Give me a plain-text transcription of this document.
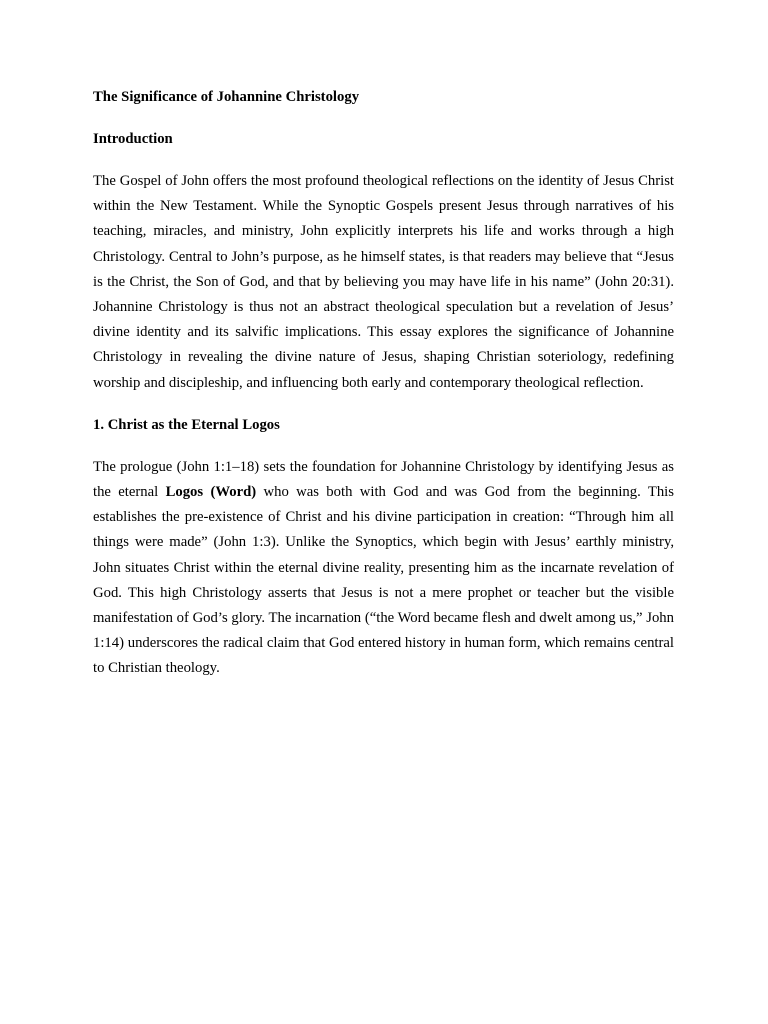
The Significance of Johannine Christology

Introduction

The Gospel of John offers the most profound theological reflections on the identity of Jesus Christ within the New Testament. While the Synoptic Gospels present Jesus through narratives of his teaching, miracles, and ministry, John explicitly interprets his life and works through a high Christology. Central to John’s purpose, as he himself states, is that readers may believe that “Jesus is the Christ, the Son of God, and that by believing you may have life in his name” (John 20:31). Johannine Christology is thus not an abstract theological speculation but a revelation of Jesus’ divine identity and its salvific implications. This essay explores the significance of Johannine Christology in revealing the divine nature of Jesus, shaping Christian soteriology, redefining worship and discipleship, and influencing both early and contemporary theological reflection.

1. Christ as the Eternal Logos

The prologue (John 1:1–18) sets the foundation for Johannine Christology by identifying Jesus as the eternal Logos (Word) who was both with God and was God from the beginning. This establishes the pre-existence of Christ and his divine participation in creation: “Through him all things were made” (John 1:3). Unlike the Synoptics, which begin with Jesus’ earthly ministry, John situates Christ within the eternal divine reality, presenting him as the incarnate revelation of God. This high Christology asserts that Jesus is not a mere prophet or teacher but the visible manifestation of God’s glory. The incarnation (“the Word became flesh and dwelt among us,” John 1:14) underscores the radical claim that God entered history in human form, which remains central to Christian theology.
